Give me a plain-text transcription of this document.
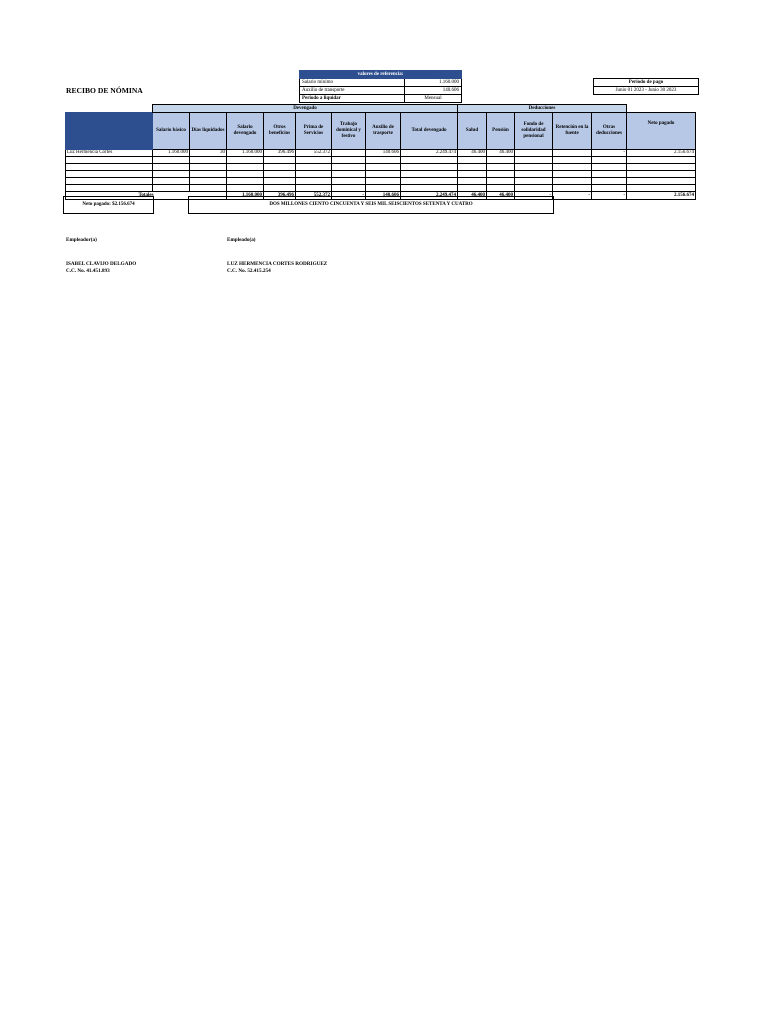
RECIBO DE NÓMINA
valores de referencia:	
Salario mínimo	1.160.000
Auxilio de transporte	140.606
Periodo a liquidar	Mensual
Periodo de pago
Junio 01 2023 - Junio 30 2023
	Devengado								Deducciones					
	Salario básico	Días liquidados	Salario devengado	Otros beneficios	Prima de Servicios	Trabajo dominical y festivo	Auxilio de trasporte	Total devengado	Salud	Pensión	Fondo de solidaridad pensional	Retención en la fuente	Otras deducciones	Neto pagado
Luz Hermencia Cortes	1.160.000	30	1.160.000	396.496	552.372		140.606	2.249.474	46.400	46.400			-	2.156.674

Totales			1.160.000	396.496	552.372	-	140.606	2.249.474	46.400	46.400	-	-	-	2.156.674
Neto pagado: $2.156.674	DOS MILLONES CIENTO CINCUENTA Y SEIS MIL SEISCIENTOS SETENTA Y CUATRO
Empleador(a)	Empleado(a)
ISABEL CLAVIJO DELGADO
C.C. No. 41.451.893
LUZ HERMENCIA CORTES RODRIGUEZ
C.C. No. 52.415.254
